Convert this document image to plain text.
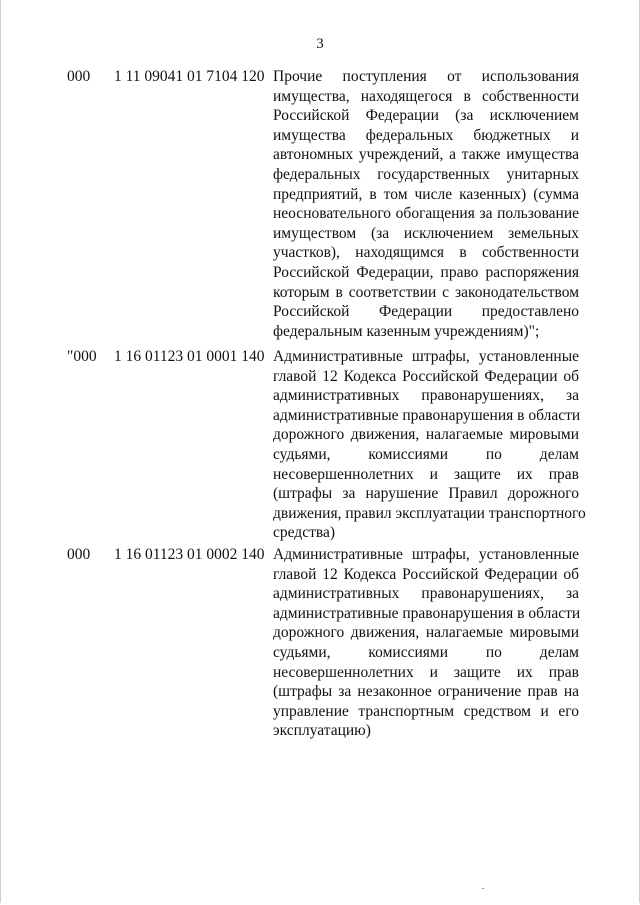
3
000 1 11 09041 01 7104 120 Прочие поступления от использования
имущества, находящегося в собственности
Российской Федерации (за исключением
имущества федеральных бюджетных и
автономных учреждений, а также имущества
федеральных государственных унитарных
предприятий, в том числе казенных) (сумма
неосновательного обогащения за пользование
имуществом (за исключением земельных
участков), находящимся в собственности
Российской Федерации, право распоряжения
которым в соответствии с законодательством
Российской Федерации предоставлено
федеральным казенным учреждениям)";
"000 1 16 01123 01 0001 140 Административные штрафы, установленные
главой 12 Кодекса Российской Федерации об
административных правонарушениях, за
административные правонарушения в области
дорожного движения, налагаемые мировыми
судьями, комиссиями по делам
несовершеннолетних и защите их прав
(штрафы за нарушение Правил дорожного
движения, правил эксплуатации транспортного
средства)
000 1 16 01123 01 0002 140 Административные штрафы, установленные
главой 12 Кодекса Российской Федерации об
административных правонарушениях, за
административные правонарушения в области
дорожного движения, налагаемые мировыми
судьями, комиссиями по делам
несовершеннолетних и защите их прав
(штрафы за незаконное ограничение прав на
управление транспортным средством и его
эксплуатацию)
